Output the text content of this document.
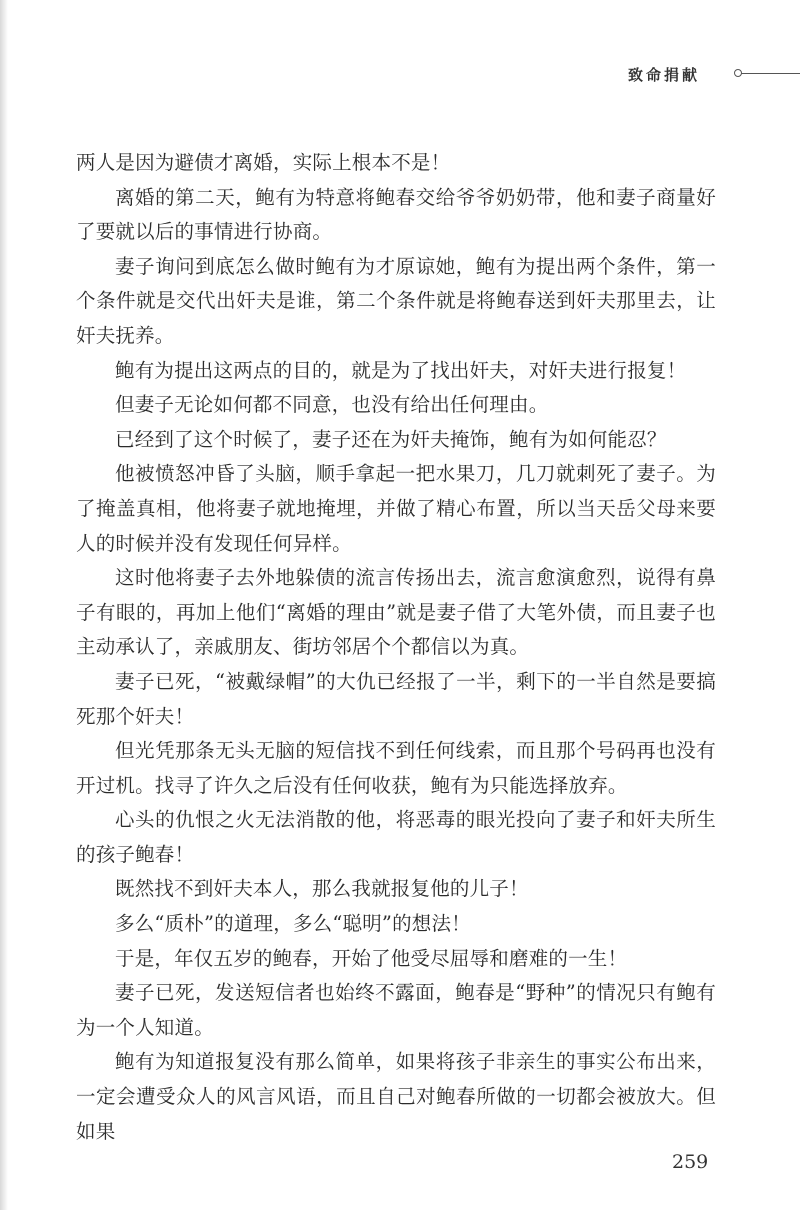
致命捐献

两人是因为避债才离婚，实际上根本不是！

离婚的第二天，鲍有为特意将鲍春交给爷爷奶奶带，他和妻子商量好了要就以后的事情进行协商。

妻子询问到底怎么做时鲍有为才原谅她，鲍有为提出两个条件，第一个条件就是交代出奸夫是谁，第二个条件就是将鲍春送到奸夫那里去，让奸夫抚养。

鲍有为提出这两点的目的，就是为了找出奸夫，对奸夫进行报复！

但妻子无论如何都不同意，也没有给出任何理由。

已经到了这个时候了，妻子还在为奸夫掩饰，鲍有为如何能忍？

他被愤怒冲昏了头脑，顺手拿起一把水果刀，几刀就刺死了妻子。为了掩盖真相，他将妻子就地掩埋，并做了精心布置，所以当天岳父母来要人的时候并没有发现任何异样。

这时他将妻子去外地躲债的流言传扬出去，流言愈演愈烈，说得有鼻子有眼的，再加上他们“离婚的理由”就是妻子借了大笔外债，而且妻子也主动承认了，亲戚朋友、街坊邻居个个都信以为真。

妻子已死，“被戴绿帽”的大仇已经报了一半，剩下的一半自然是要搞死那个奸夫！

但光凭那条无头无脑的短信找不到任何线索，而且那个号码再也没有开过机。找寻了许久之后没有任何收获，鲍有为只能选择放弃。

心头的仇恨之火无法消散的他，将恶毒的眼光投向了妻子和奸夫所生的孩子鲍春！

既然找不到奸夫本人，那么我就报复他的儿子！

多么“质朴”的道理，多么“聪明”的想法！

于是，年仅五岁的鲍春，开始了他受尽屈辱和磨难的一生！

妻子已死，发送短信者也始终不露面，鲍春是“野种”的情况只有鲍有为一个人知道。

鲍有为知道报复没有那么简单，如果将孩子非亲生的事实公布出来，一定会遭受众人的风言风语，而且自己对鲍春所做的一切都会被放大。但如果

259
